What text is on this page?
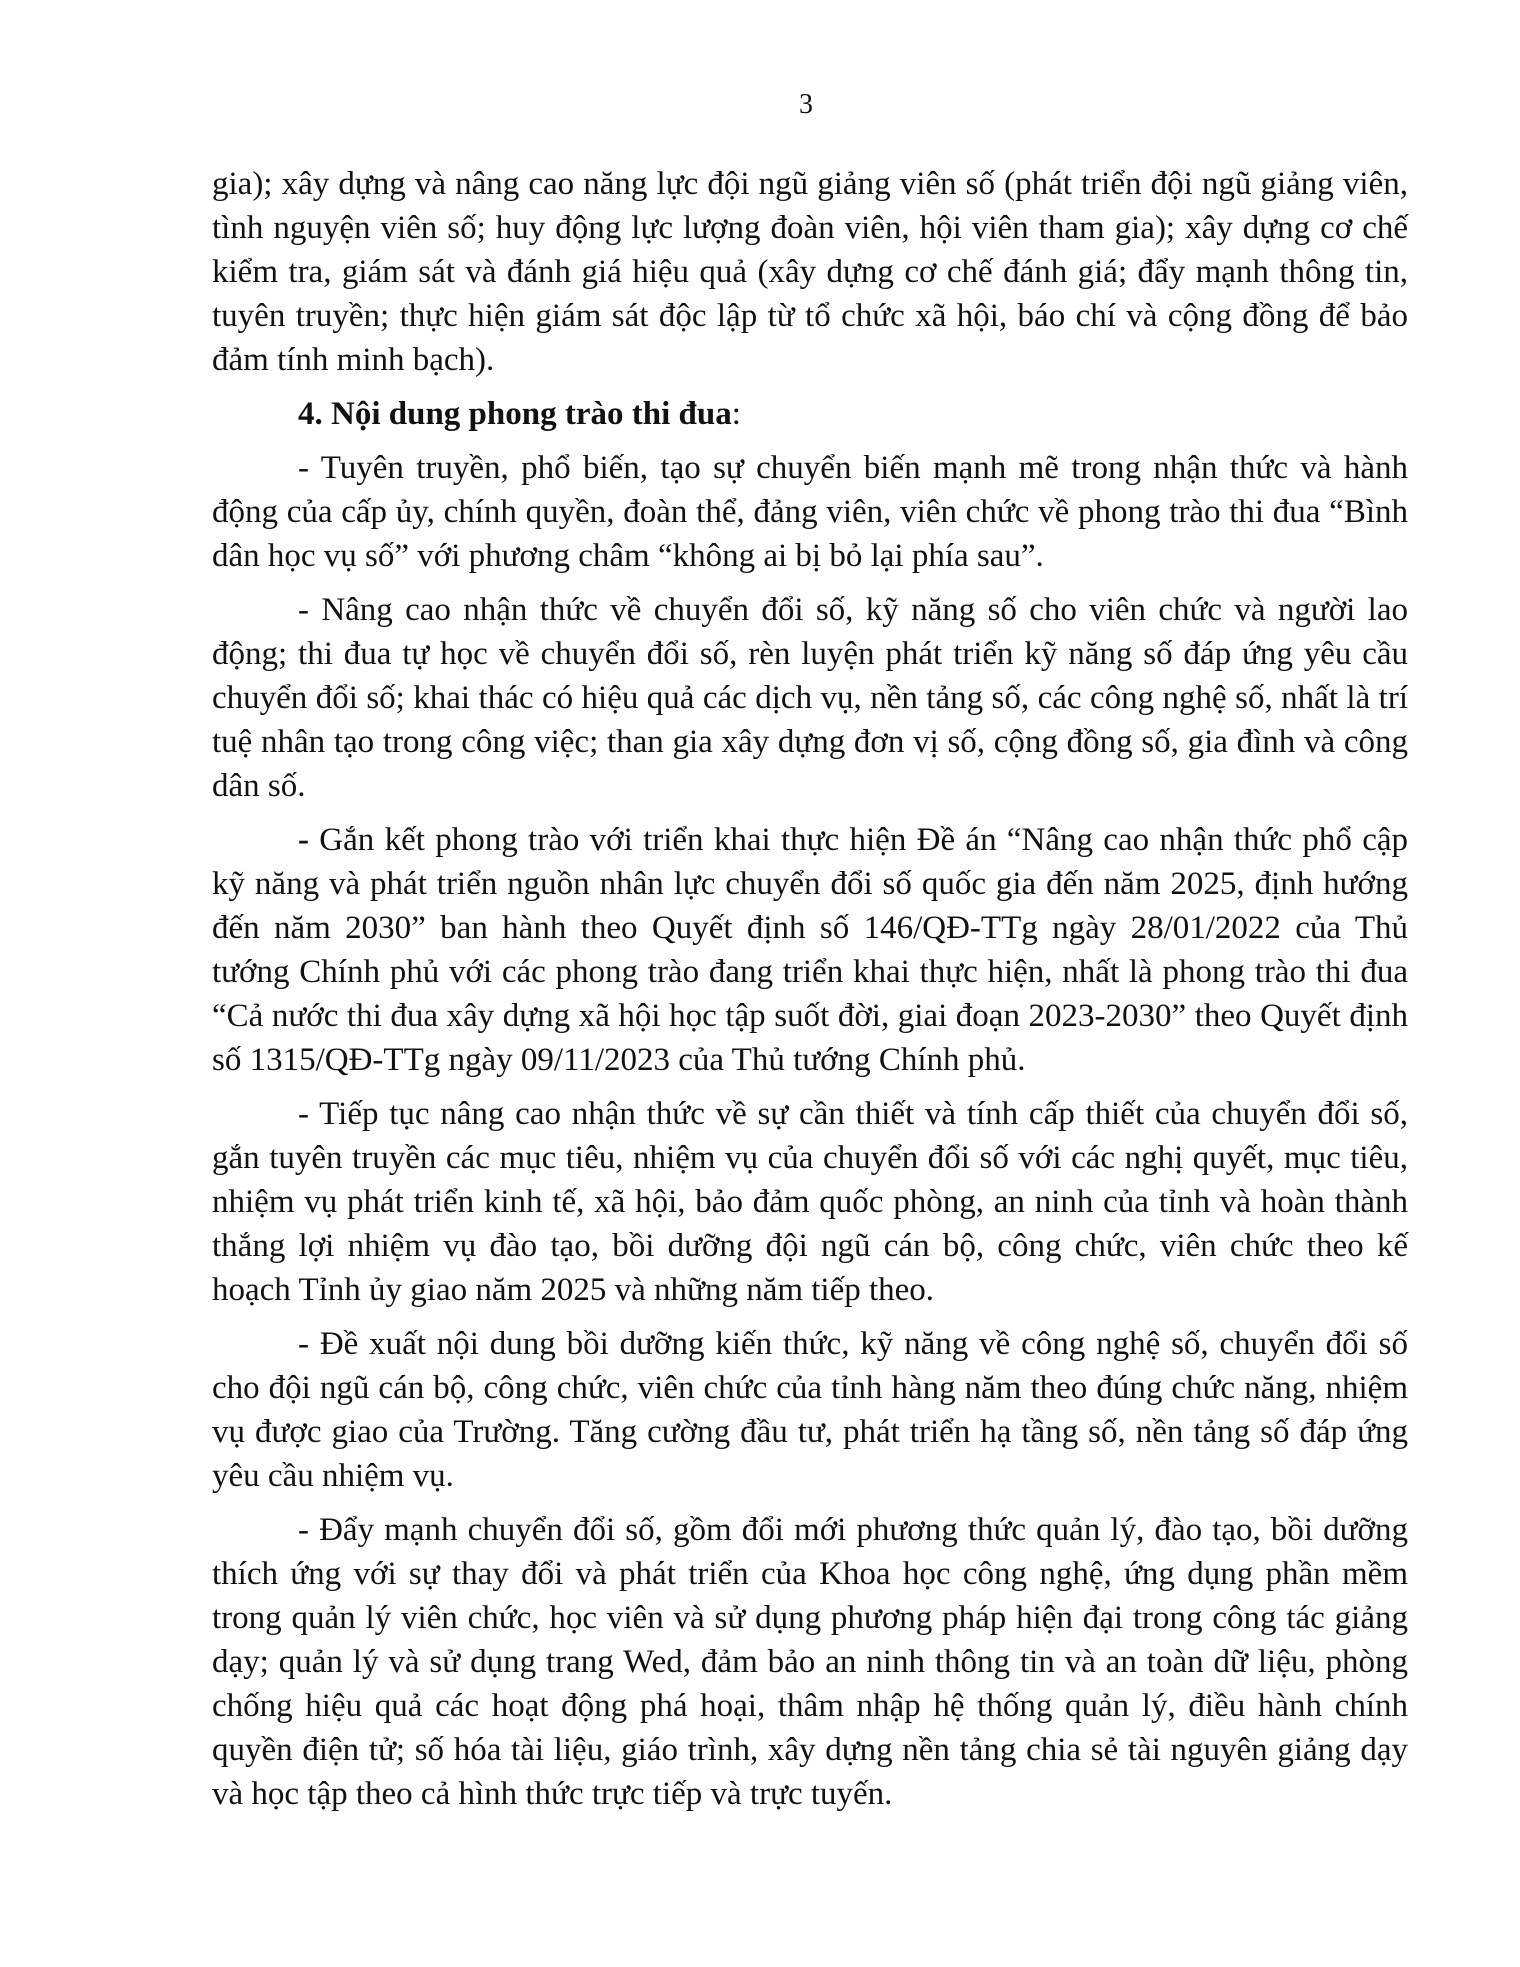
3

gia); xây dựng và nâng cao năng lực đội ngũ giảng viên số (phát triển đội ngũ giảng viên, tình nguyện viên số; huy động lực lượng đoàn viên, hội viên tham gia); xây dựng cơ chế kiểm tra, giám sát và đánh giá hiệu quả (xây dựng cơ chế đánh giá; đẩy mạnh thông tin, tuyên truyền; thực hiện giám sát độc lập từ tổ chức xã hội, báo chí và cộng đồng để bảo đảm tính minh bạch).

4. Nội dung phong trào thi đua:

- Tuyên truyền, phổ biến, tạo sự chuyển biến mạnh mẽ trong nhận thức và hành động của cấp ủy, chính quyền, đoàn thể, đảng viên, viên chức về phong trào thi đua “Bình dân học vụ số” với phương châm “không ai bị bỏ lại phía sau”.

- Nâng cao nhận thức về chuyển đổi số, kỹ năng số cho viên chức và người lao động; thi đua tự học về chuyển đổi số, rèn luyện phát triển kỹ năng số đáp ứng yêu cầu chuyển đổi số; khai thác có hiệu quả các dịch vụ, nền tảng số, các công nghệ số, nhất là trí tuệ nhân tạo trong công việc; than gia xây dựng đơn vị số, cộng đồng số, gia đình và công dân số.

- Gắn kết phong trào với triển khai thực hiện Đề án “Nâng cao nhận thức phổ cập kỹ năng và phát triển nguồn nhân lực chuyển đổi số quốc gia đến năm 2025, định hướng đến năm 2030” ban hành theo Quyết định số 146/QĐ-TTg ngày 28/01/2022 của Thủ tướng Chính phủ với các phong trào đang triển khai thực hiện, nhất là phong trào thi đua “Cả nước thi đua xây dựng xã hội học tập suốt đời, giai đoạn 2023-2030” theo Quyết định số 1315/QĐ-TTg ngày 09/11/2023 của Thủ tướng Chính phủ.

- Tiếp tục nâng cao nhận thức về sự cần thiết và tính cấp thiết của chuyển đổi số, gắn tuyên truyền các mục tiêu, nhiệm vụ của chuyển đổi số với các nghị quyết, mục tiêu, nhiệm vụ phát triển kinh tế, xã hội, bảo đảm quốc phòng, an ninh của tỉnh và hoàn thành thắng lợi nhiệm vụ đào tạo, bồi dưỡng đội ngũ cán bộ, công chức, viên chức theo kế hoạch Tỉnh ủy giao năm 2025 và những năm tiếp theo.

- Đề xuất nội dung bồi dưỡng kiến thức, kỹ năng về công nghệ số, chuyển đổi số cho đội ngũ cán bộ, công chức, viên chức của tỉnh hàng năm theo đúng chức năng, nhiệm vụ được giao của Trường. Tăng cường đầu tư, phát triển hạ tầng số, nền tảng số đáp ứng yêu cầu nhiệm vụ.

- Đẩy mạnh chuyển đổi số, gồm đổi mới phương thức quản lý, đào tạo, bồi dưỡng thích ứng với sự thay đổi và phát triển của Khoa học công nghệ, ứng dụng phần mềm trong quản lý viên chức, học viên và sử dụng phương pháp hiện đại trong công tác giảng dạy; quản lý và sử dụng trang Wed, đảm bảo an ninh thông tin và an toàn dữ liệu, phòng chống hiệu quả các hoạt động phá hoại, thâm nhập hệ thống quản lý, điều hành chính quyền điện tử; số hóa tài liệu, giáo trình, xây dựng nền tảng chia sẻ tài nguyên giảng dạy và học tập theo cả hình thức trực tiếp và trực tuyến.
